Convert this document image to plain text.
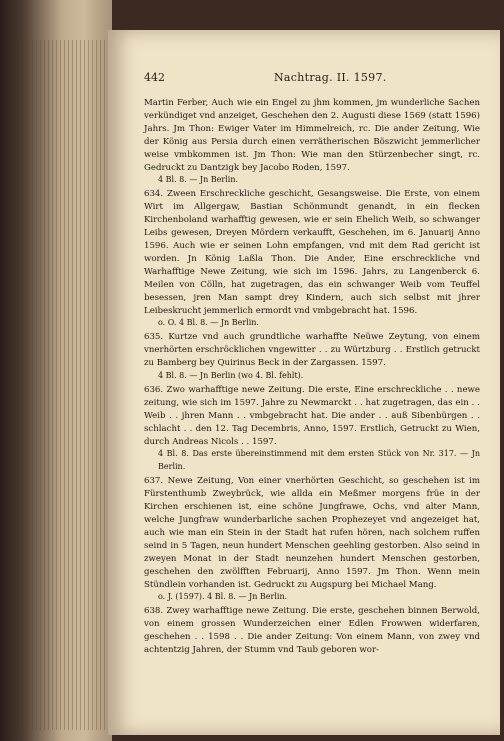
442	Nachtrag. II. 1597.
Martin Ferber, Auch wie ein Engel zu jhm kommen, jm wunderliche Sachen verkündiget vnd anzeiget, Geschehen den 2. Augusti diese 1569 (statt 1596) Jahrs. Jm Thon: Ewiger Vater im Himmelreich, rc. Die ander Zeitung, Wie der König aus Persia durch einen verrätherischen Böszwicht jemmerlicher weise vmbkommen ist. Jm Thon: Wie man den Stürzenbecher singt, rc. Gedruckt zu Dantzigk bey Jacobo Roden, 1597.
4 Bl. 8. — Jn Berlin.
634. Zween Erschreckliche geschicht, Gesangsweise. Die Erste, von einem Wirt im Allgergaw, Bastian Schönmundt genandt, in ein flecken Kirchenboland warhafftig gewesen, wie er sein Ehelich Weib, so schwanger Leibs gewesen, Dreyen Mördern verkaufft, Geschehen, im 6. Januarij Anno 1596. Auch wie er seinen Lohn empfangen, vnd mit dem Rad gericht ist worden. Jn König Laßla Thon. Die Ander, Eine erschreckliche vnd Warhafftige Newe Zeitung, wie sich im 1596. Jahrs, zu Langenberck 6. Meilen von Cölln, hat zugetragen, das ein schwanger Weib vom Teuffel besessen, jren Man sampt drey Kindern, auch sich selbst mit jhrer Leibeskrucht jemmerlich ermordt vnd vmbgebracht hat. 1596.
o. O. 4 Bl. 8. — Jn Berlin.
635. Kurtze vnd auch grundtliche warhaffte Neüwe Zeytung, von einem vnerhörten erschröcklichen vngewitter . . zu Würtzburg . . Erstlich getruckt zu Bamberg bey Quirinus Beck in der Zargassen. 1597.
4 Bl. 8. — Jn Berlin (wo 4. Bl. fehlt).
636. Zwo warhafftige newe Zeitung. Die erste, Eine erschreckliche . . newe zeitung, wie sich im 1597. Jahre zu Newmarckt . . hat zugetragen, das ein . . Weib . . jhren Mann . . vmbgebracht hat. Die ander . . auß Sibenbürgen . . schlacht . . den 12. Tag Decembris, Anno, 1597. Erstlich, Getruckt zu Wien, durch Andreas Nicols . . 1597.
4 Bl. 8. Das erste übereinstimmend mit dem ersten Stück von Nr. 317. — Jn Berlin.
637. Newe Zeitung, Von einer vnerhörten Geschicht, so geschehen ist im Fürstenthumb Zweybrück, wie allda ein Meßmer morgens früe in der Kirchen erschienen ist, eine schöne Jungfrawe, Ochs, vnd alter Mann, welche Jungfraw wunderbarliche sachen Prophezeyet vnd angezeiget hat, auch wie man ein Stein in der Stadt hat rufen hören, nach solchem ruffen seind in 5 Tagen, neun hundert Menschen geehling gestorben. Also seind in zweyen Monat in der Stadt neunzehen hundert Menschen gestorben, geschehen den zwölfften Februarij, Anno 1597. Jm Thon. Wenn mein Stündlein vorhanden ist. Gedruckt zu Augspurg bei Michael Mang.
o. J. (1597). 4 Bl. 8. — Jn Berlin.
638. Zwey warhafftige newe Zeitung. Die erste, geschehen binnen Berwold, von einem grossen Wunderzeichen einer Edlen Frowwen widerfaren, geschehen . . 1598 . . Die ander Zeitung: Von einem Mann, von zwey vnd achtentzig Jahren, der Stumm vnd Taub geboren wor-
